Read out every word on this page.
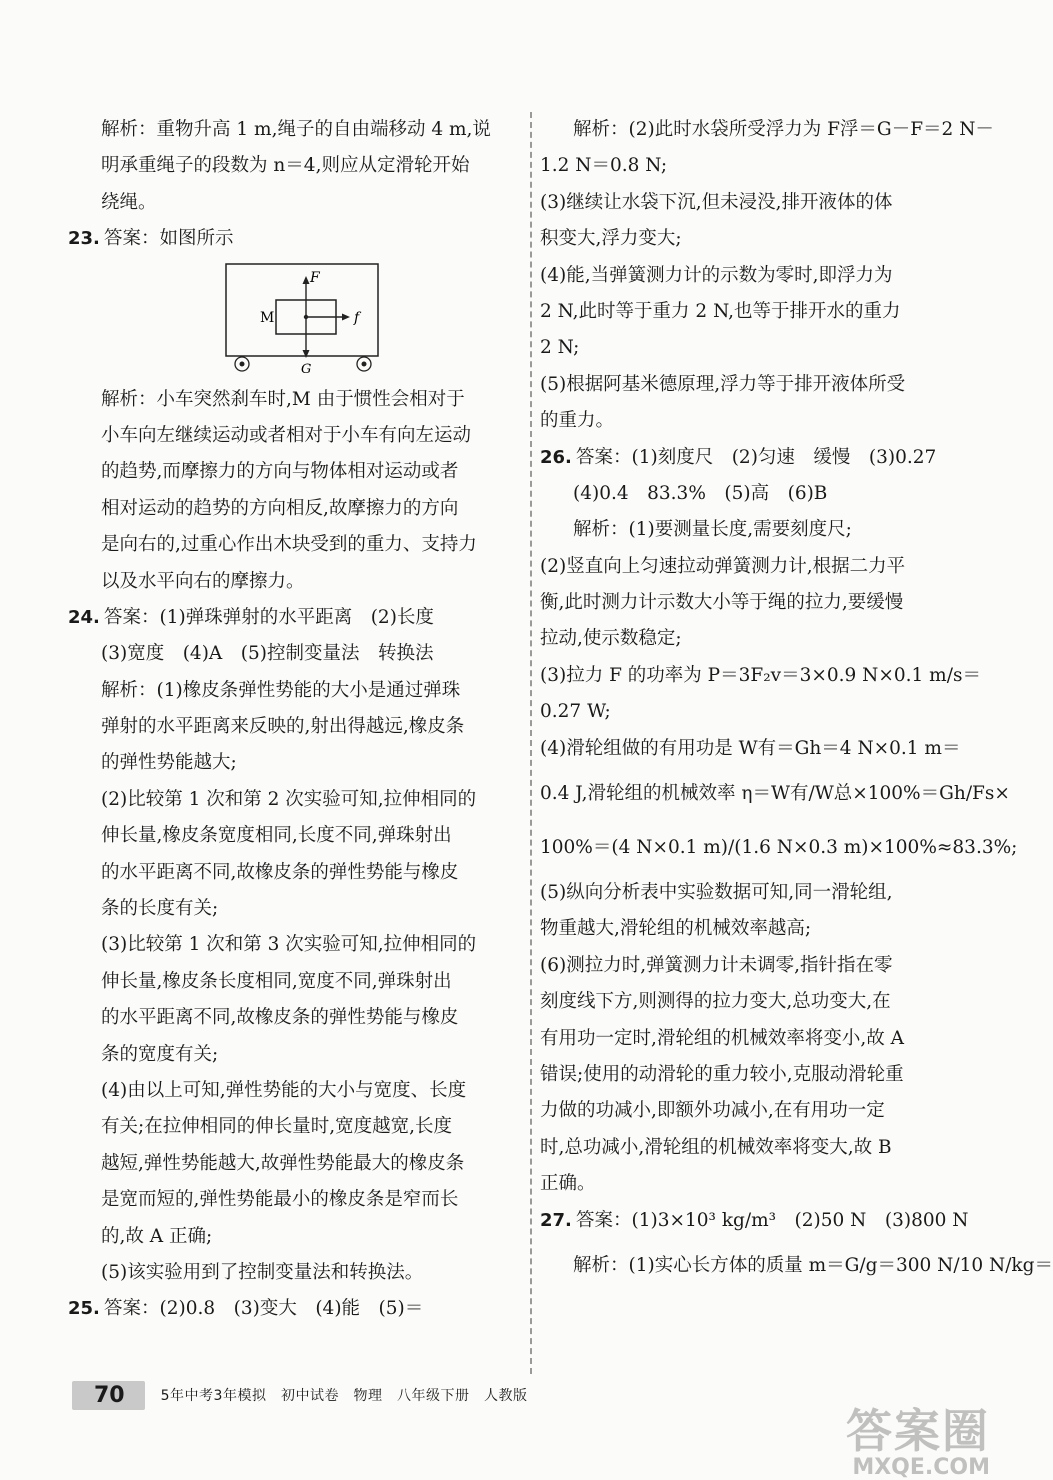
解析：重物升高 1 m,绳子的自由端移动 4 m,说
明承重绳子的段数为 n＝4,则应从定滑轮开始
绕绳。
23. 答案：如图所示
F
f
G
M
解析：小车突然刹车时,M 由于惯性会相对于
小车向左继续运动或者相对于小车有向左运动
的趋势,而摩擦力的方向与物体相对运动或者
相对运动的趋势的方向相反,故摩擦力的方向
是向右的,过重心作出木块受到的重力、支持力
以及水平向右的摩擦力。
24. 答案：(1)弹珠弹射的水平距离　(2)长度
(3)宽度　(4)A　(5)控制变量法　转换法
解析：(1)橡皮条弹性势能的大小是通过弹珠
弹射的水平距离来反映的,射出得越远,橡皮条
的弹性势能越大;
(2)比较第 1 次和第 2 次实验可知,拉伸相同的
伸长量,橡皮条宽度相同,长度不同,弹珠射出
的水平距离不同,故橡皮条的弹性势能与橡皮
条的长度有关;
(3)比较第 1 次和第 3 次实验可知,拉伸相同的
伸长量,橡皮条长度相同,宽度不同,弹珠射出
的水平距离不同,故橡皮条的弹性势能与橡皮
条的宽度有关;
(4)由以上可知,弹性势能的大小与宽度、长度
有关;在拉伸相同的伸长量时,宽度越宽,长度
越短,弹性势能越大,故弹性势能最大的橡皮条
是宽而短的,弹性势能最小的橡皮条是窄而长
的,故 A 正确;
(5)该实验用到了控制变量法和转换法。
25. 答案：(2)0.8　(3)变大　(4)能　(5)＝
解析：(2)此时水袋所受浮力为 F浮＝G－F＝2 N－
1.2 N＝0.8 N;
(3)继续让水袋下沉,但未浸没,排开液体的体
积变大,浮力变大;
(4)能,当弹簧测力计的示数为零时,即浮力为
2 N,此时等于重力 2 N,也等于排开水的重力
2 N;
(5)根据阿基米德原理,浮力等于排开液体所受
的重力。
26. 答案：(1)刻度尺　(2)匀速　缓慢　(3)0.27
(4)0.4　83.3%　(5)高　(6)B
解析：(1)要测量长度,需要刻度尺;
(2)竖直向上匀速拉动弹簧测力计,根据二力平
衡,此时测力计示数大小等于绳的拉力,要缓慢
拉动,使示数稳定;
(3)拉力 F 的功率为 P＝3F₂v＝3×0.9 N×0.1 m/s＝
0.27 W;
(4)滑轮组做的有用功是 W有＝Gh＝4 N×0.1 m＝
0.4 J,滑轮组的机械效率 η＝W有/W总×100%＝Gh/Fs×
100%＝(4 N×0.1 m)/(1.6 N×0.3 m)×100%≈83.3%;
(5)纵向分析表中实验数据可知,同一滑轮组,
物重越大,滑轮组的机械效率越高;
(6)测拉力时,弹簧测力计未调零,指针指在零
刻度线下方,则测得的拉力变大,总功变大,在
有用功一定时,滑轮组的机械效率将变小,故 A
错误;使用的动滑轮的重力较小,克服动滑轮重
力做的功减小,即额外功减小,在有用功一定
时,总功减小,滑轮组的机械效率将变大,故 B
正确。
27. 答案：(1)3×10³ kg/m³　(2)50 N　(3)800 N
解析：(1)实心长方体的质量 m＝G/g＝300 N/10 N/kg＝
70	5年中考3年模拟　初中试卷　物理　八年级下册　人教版
答案圈
MXQE.COM
